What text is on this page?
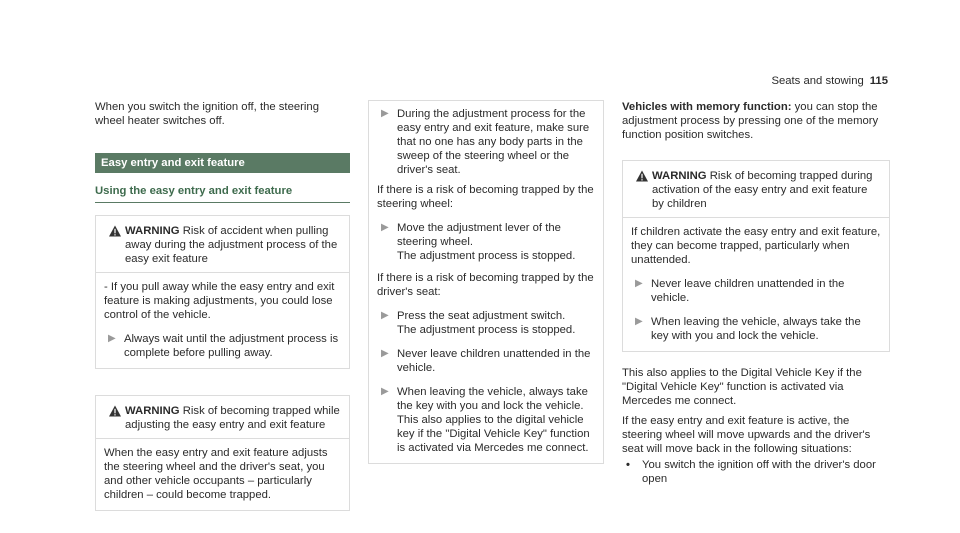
Seats and stowing 115

When you switch the ignition off, the steering wheel heater switches off.

Easy entry and exit feature
Using the easy entry and exit feature
WARNING Risk of accident when pulling away during the adjustment process of the easy exit feature

- If you pull away while the easy entry and exit feature is making adjustments, you could lose control of the vehicle.

▶ Always wait until the adjustment process is complete before pulling away.
WARNING Risk of becoming trapped while adjusting the easy entry and exit feature

When the easy entry and exit feature adjusts the steering wheel and the driver's seat, you and other vehicle occupants – particularly children – could become trapped.

▶ During the adjustment process for the easy entry and exit feature, make sure that no one has any body parts in the sweep of the steering wheel or the driver's seat.

If there is a risk of becoming trapped by the steering wheel:

▶ Move the adjustment lever of the steering wheel.
The adjustment process is stopped.

If there is a risk of becoming trapped by the driver's seat:

▶ Press the seat adjustment switch.
The adjustment process is stopped.
▶ Never leave children unattended in the vehicle.
▶ When leaving the vehicle, always take the key with you and lock the vehicle.
This also applies to the digital vehicle key if the "Digital Vehicle Key" function is activated via Mercedes me connect.

Vehicles with memory function: you can stop the adjustment process by pressing one of the memory function position switches.

WARNING Risk of becoming trapped during activation of the easy entry and exit feature by children

If children activate the easy entry and exit feature, they can become trapped, particularly when unattended.

▶ Never leave children unattended in the vehicle.
▶ When leaving the vehicle, always take the key with you and lock the vehicle.

This also applies to the Digital Vehicle Key if the "Digital Vehicle Key" function is activated via Mercedes me connect.

If the easy entry and exit feature is active, the steering wheel will move upwards and the driver's seat will move back in the following situations:

•	You switch the ignition off with the driver's door open
